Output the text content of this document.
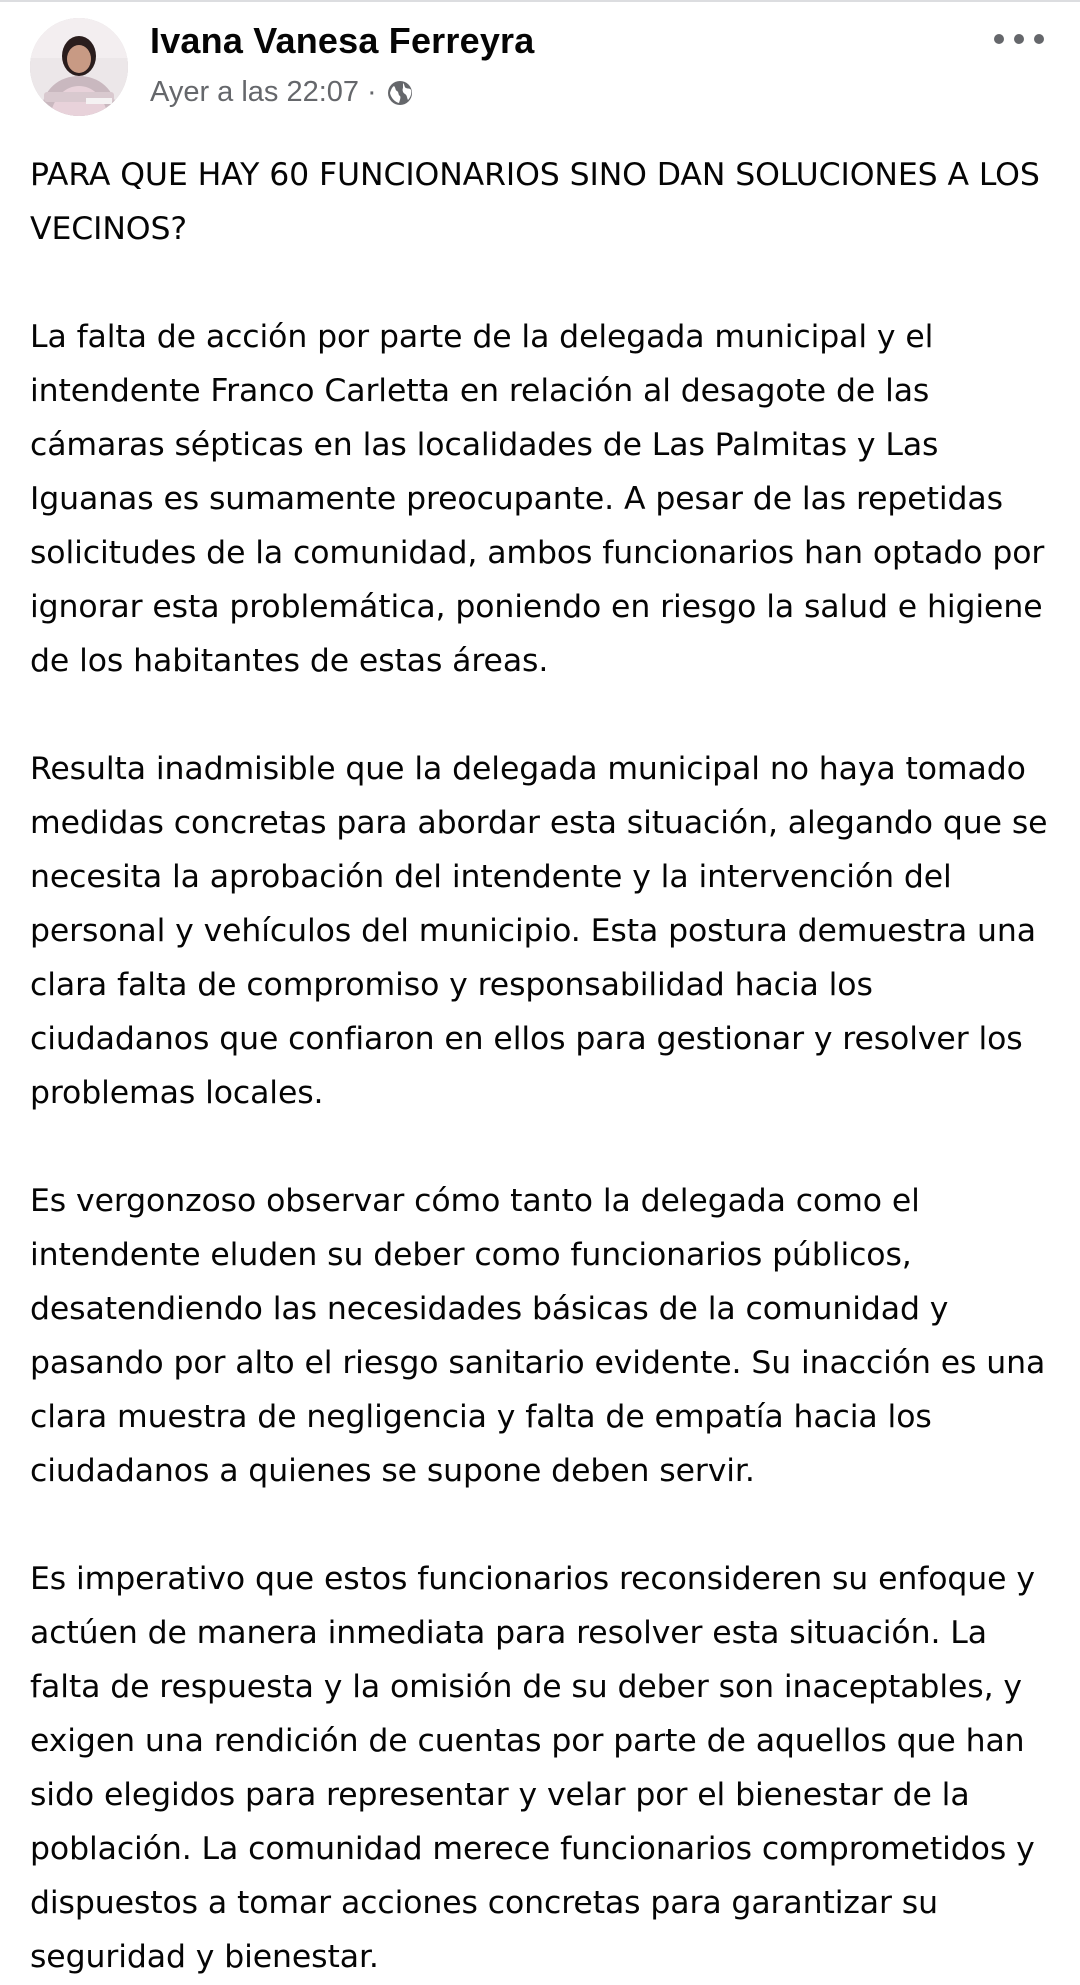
Ivana Vanesa Ferreyra
Ayer a las 22:07 ·

PARA QUE HAY 60 FUNCIONARIOS SINO DAN SOLUCIONES A LOS VECINOS?

La falta de acción por parte de la delegada municipal y el intendente Franco Carletta en relación al desagote de las cámaras sépticas en las localidades de Las Palmitas y Las Iguanas es sumamente preocupante. A pesar de las repetidas solicitudes de la comunidad, ambos funcionarios han optado por ignorar esta problemática, poniendo en riesgo la salud e higiene de los habitantes de estas áreas.

Resulta inadmisible que la delegada municipal no haya tomado medidas concretas para abordar esta situación, alegando que se necesita la aprobación del intendente y la intervención del personal y vehículos del municipio. Esta postura demuestra una clara falta de compromiso y responsabilidad hacia los ciudadanos que confiaron en ellos para gestionar y resolver los problemas locales.

Es vergonzoso observar cómo tanto la delegada como el intendente eluden su deber como funcionarios públicos, desatendiendo las necesidades básicas de la comunidad y pasando por alto el riesgo sanitario evidente. Su inacción es una clara muestra de negligencia y falta de empatía hacia los ciudadanos a quienes se supone deben servir.

Es imperativo que estos funcionarios reconsideren su enfoque y actúen de manera inmediata para resolver esta situación. La falta de respuesta y la omisión de su deber son inaceptables, y exigen una rendición de cuentas por parte de aquellos que han sido elegidos para representar y velar por el bienestar de la población. La comunidad merece funcionarios comprometidos y dispuestos a tomar acciones concretas para garantizar su seguridad y bienestar.
